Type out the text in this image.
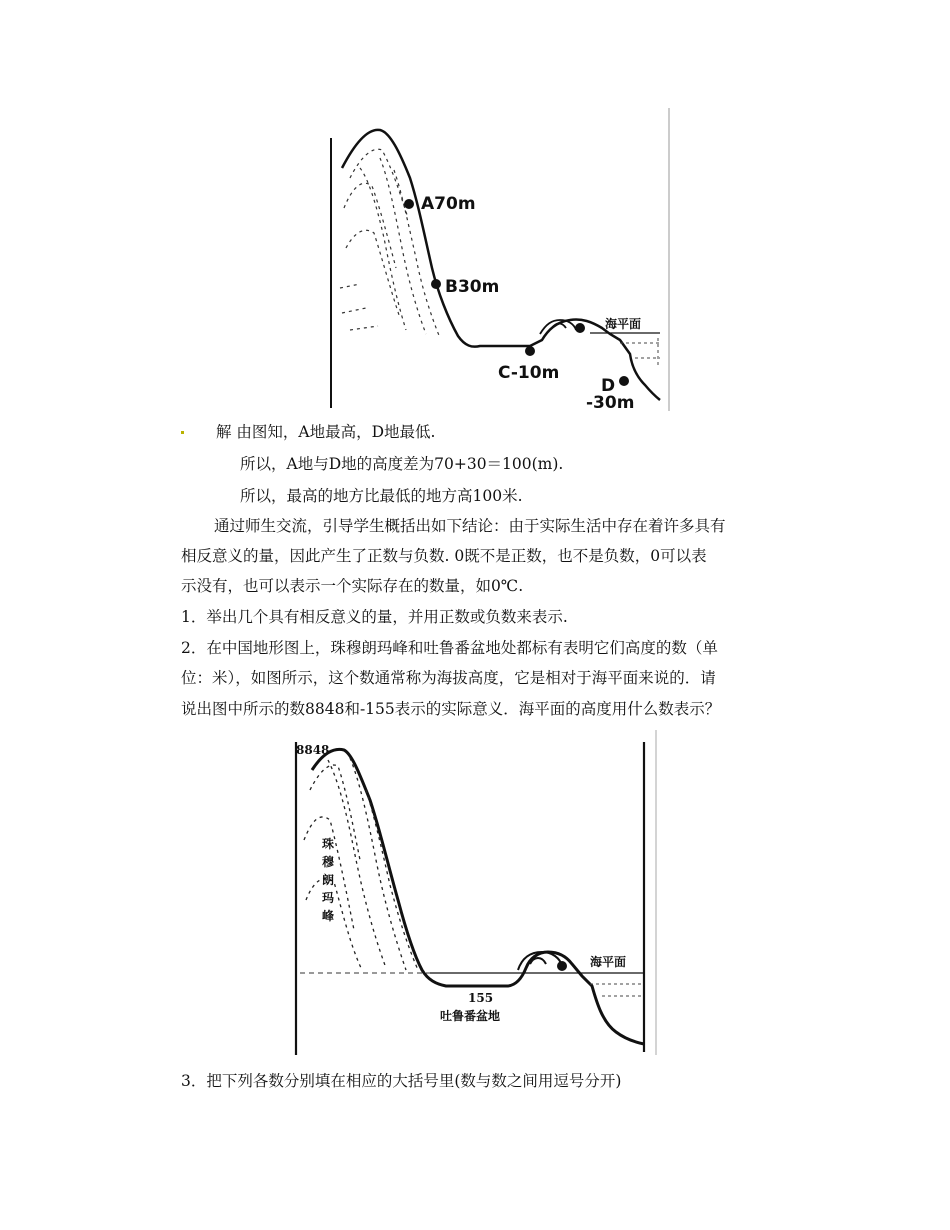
A70m
B30m
C-10m
D
-30m
海平面
解 由图知，A地最高，D地最低.
所以，A地与D地的高度差为70+30＝100(m).
所以，最高的地方比最低的地方高100米.
通过师生交流，引导学生概括出如下结论：由于实际生活中存在着许多具有
相反意义的量，因此产生了正数与负数. 0既不是正数，也不是负数，0可以表
示没有，也可以表示一个实际存在的数量，如0℃.
1．举出几个具有相反意义的量，并用正数或负数来表示.
2．在中国地形图上，珠穆朗玛峰和吐鲁番盆地处都标有表明它们高度的数（单
位：米），如图所示，这个数通常称为海拔高度，它是相对于海平面来说的．请
说出图中所示的数8848和-155表示的实际意义．海平面的高度用什么数表示？
8848
珠
穆
朗
玛
峰
155
吐鲁番盆地
海平面
3．把下列各数分别填在相应的大括号里(数与数之间用逗号分开)
